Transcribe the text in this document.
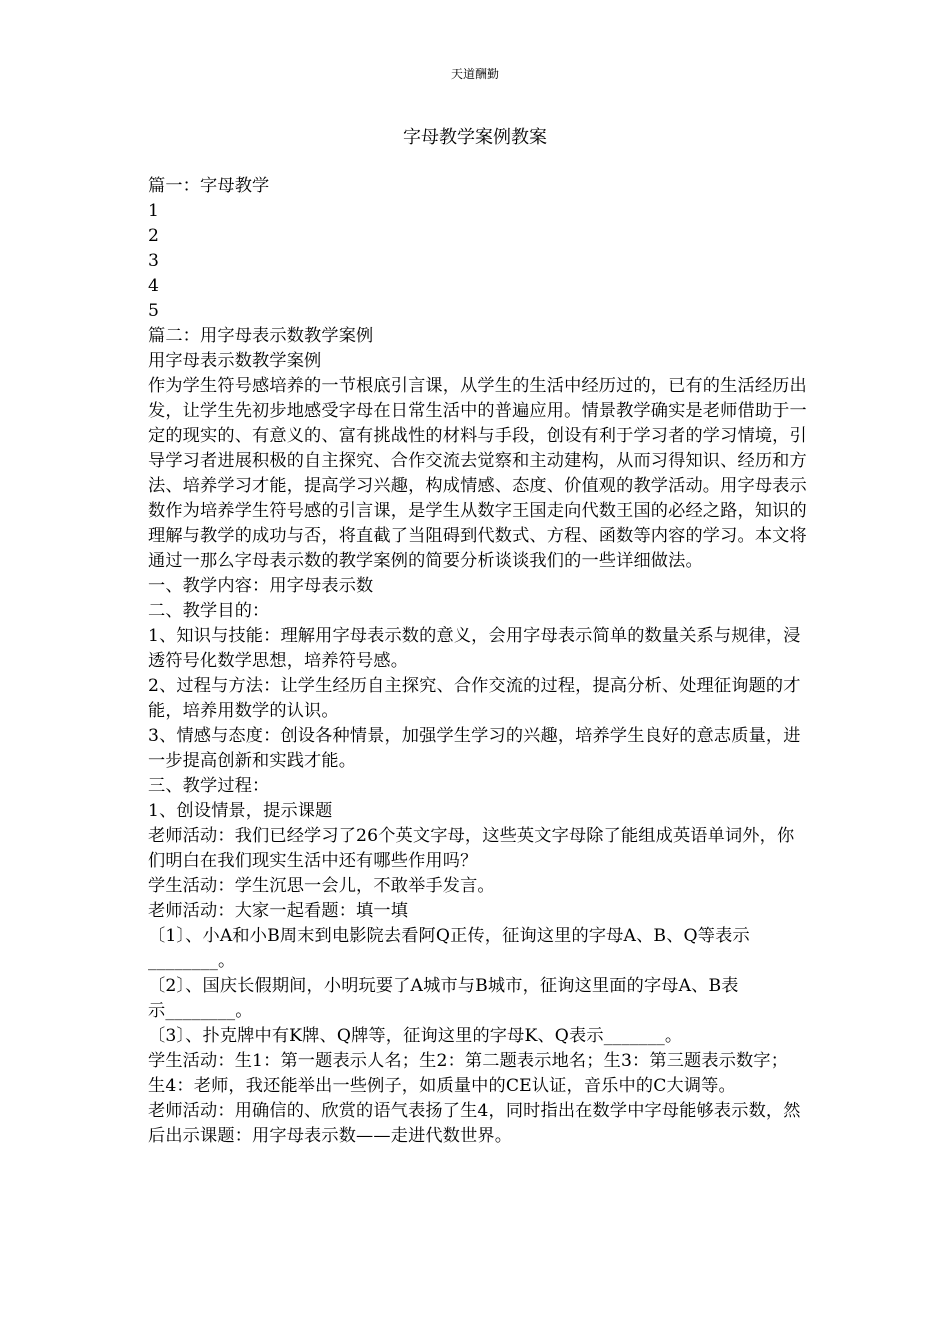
天道酬勤
字母教学案例教案

篇一：字母教学

1

2

3

4

5

篇二：用字母表示数教学案例

用字母表示数教学案例

作为学生符号感培养的一节根底引言课，从学生的生活中经历过的，已有的生活经历出发，让学生先初步地感受字母在日常生活中的普遍应用。情景教学确实是老师借助于一定的现实的、有意义的、富有挑战性的材料与手段，创设有利于学习者的学习情境，引导学习者进展积极的自主探究、合作交流去觉察和主动建构，从而习得知识、经历和方法、培养学习才能，提高学习兴趣，构成情感、态度、价值观的教学活动。用字母表示数作为培养学生符号感的引言课，是学生从数字王国走向代数王国的必经之路，知识的理解与教学的成功与否，将直截了当阻碍到代数式、方程、函数等内容的学习。本文将通过一那么字母表示数的教学案例的简要分析谈谈我们的一些详细做法。

一、教学内容：用字母表示数

二、教学目的：

1、知识与技能：理解用字母表示数的意义，会用字母表示简单的数量关系与规律，浸透符号化数学思想，培养符号感。

2、过程与方法：让学生经历自主探究、合作交流的过程，提高分析、处理征询题的才能，培养用数学的认识。

3、情感与态度：创设各种情景，加强学生学习的兴趣，培养学生良好的意志质量，进一步提高创新和实践才能。

三、教学过程：

1、创设情景，提示课题

老师活动：我们已经学习了26个英文字母，这些英文字母除了能组成英语单词外，你们明白在我们现实生活中还有哪些作用吗？

学生活动：学生沉思一会儿，不敢举手发言。

老师活动：大家一起看题：填一填

〔1〕、小A和小B周末到电影院去看阿Q正传，征询这里的字母A、B、Q等表示________。

〔2〕、国庆长假期间，小明玩要了A城市与B城市，征询这里面的字母A、B表

示________。

〔3〕、扑克牌中有K牌、Q牌等，征询这里的字母K、Q表示_______。

学生活动：生1：第一题表示人名；生2：第二题表示地名；生3：第三题表示数字； 生4：老师，我还能举出一些例子，如质量中的CE认证，音乐中的C大调等。

老师活动：用确信的、欣赏的语气表扬了生4，同时指出在数学中字母能够表示数，然后出示课题：用字母表示数——走进代数世界。
